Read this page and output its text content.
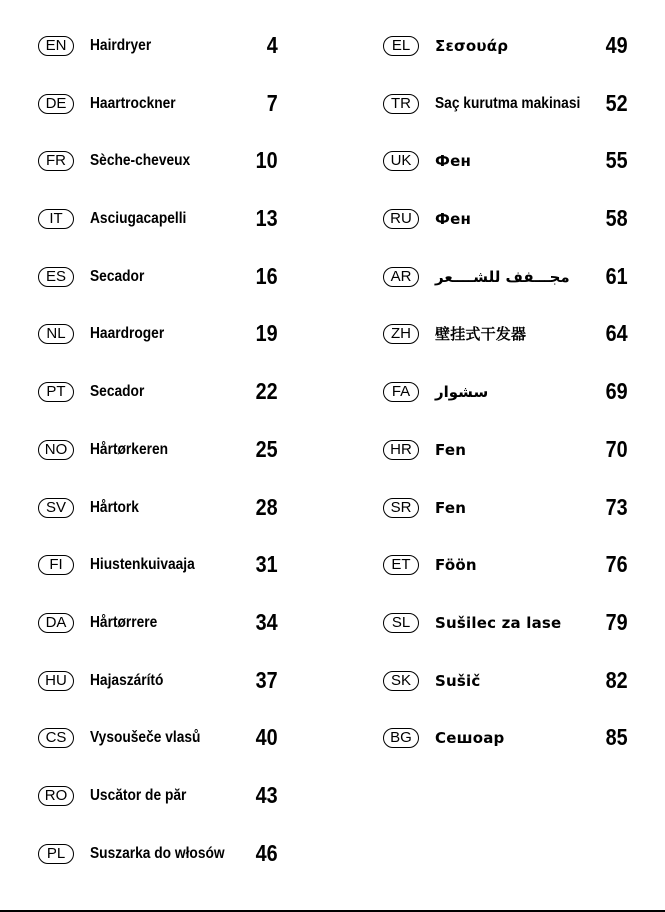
EN	Hairdryer	4
DE	Haartrockner	7
FR	Sèche-cheveux	10
IT	Asciugacapelli	13
ES	Secador	16
NL	Haardroger	19
PT	Secador	22
NO	Hårtørkeren	25
SV	Hårtork	28
FI	Hiustenkuivaaja	31
DA	Hårtørrere	34
HU	Hajaszárító	37
CS	Vysoušeče vlasů 40
RO	Uscător de păr	43
PL	Suszarka do włosów 46
EL	Σεσουάρ	49
TR	Saç kurutma makinasi 52
UK	Фен	55
RU	Фен	58
AR	مجـــفف للشــــعر 61
ZH	壁挂式干发器	64
FA	سشوار	69
HR	Fen	70
SR	Fen	73
ET	Föön	76
SL	Sušilec za lase 79
SK	Sušič	82
BG	Сешоар	85
